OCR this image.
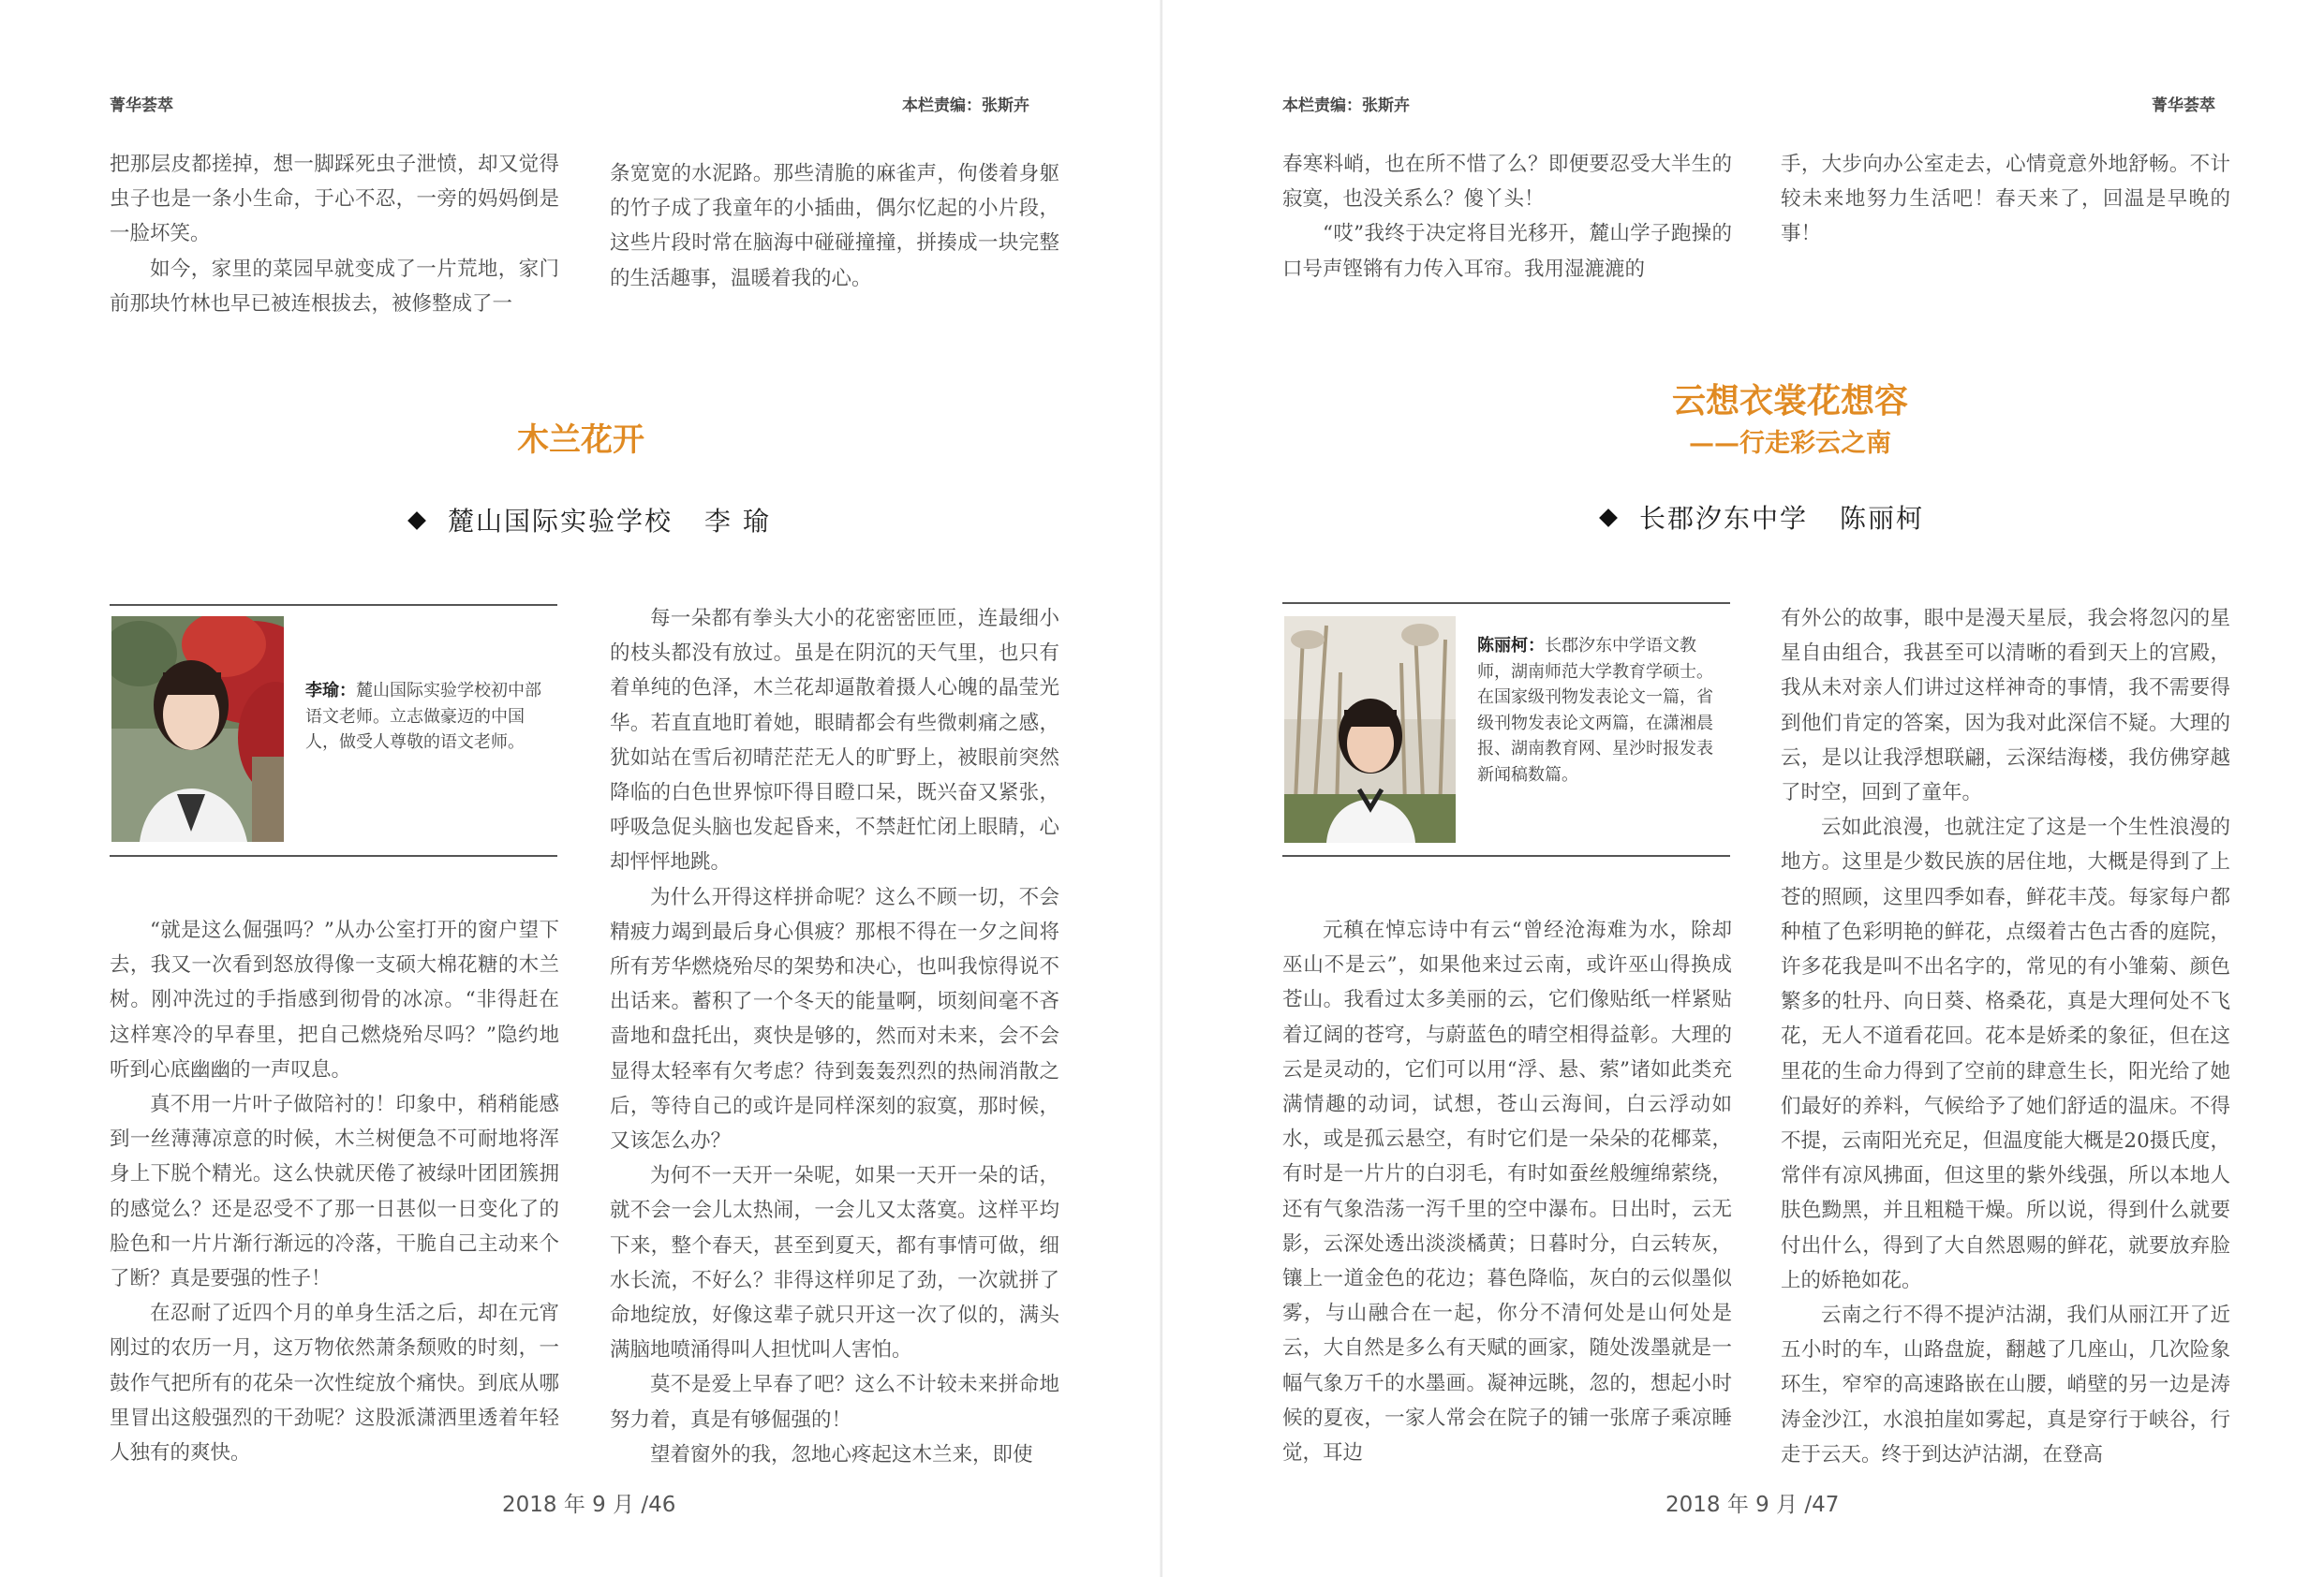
菁华荟萃	本栏责编：张斯卉

把那层皮都搓掉，想一脚踩死虫子泄愤，却又觉得虫子也是一条小生命，于心不忍，一旁的妈妈倒是一脸坏笑。

如今，家里的菜园早就变成了一片荒地，家门前那块竹林也早已被连根拔去，被修整成了一

条宽宽的水泥路。那些清脆的麻雀声，佝偻着身躯的竹子成了我童年的小插曲，偶尔忆起的小片段，这些片段时常在脑海中碰碰撞撞，拼揍成一块完整的生活趣事，温暖着我的心。

木兰花开
麓山国际实验学校 李 瑜
李瑜：麓山国际实验学校初中部语文老师。立志做豪迈的中国人，做受人尊敬的语文老师。

“就是这么倔强吗？”从办公室打开的窗户望下去，我又一次看到怒放得像一支硕大棉花糖的木兰树。刚冲洗过的手指感到彻骨的冰凉。“非得赶在这样寒冷的早春里，把自己燃烧殆尽吗？”隐约地听到心底幽幽的一声叹息。

真不用一片叶子做陪衬的！印象中，稍稍能感到一丝薄薄凉意的时候，木兰树便急不可耐地将浑身上下脱个精光。这么快就厌倦了被绿叶团团簇拥的感觉么？还是忍受不了那一日甚似一日变化了的脸色和一片片渐行渐远的冷落，干脆自己主动来个了断？真是要强的性子！

在忍耐了近四个月的单身生活之后，却在元宵刚过的农历一月，这万物依然萧条颓败的时刻，一鼓作气把所有的花朵一次性绽放个痛快。到底从哪里冒出这般强烈的干劲呢？这股派潇洒里透着年轻人独有的爽快。

每一朵都有拳头大小的花密密匝匝，连最细小的枝头都没有放过。虽是在阴沉的天气里，也只有着单纯的色泽，木兰花却逼散着摄人心魄的晶莹光华。若直直地盯着她，眼睛都会有些微刺痛之感，犹如站在雪后初晴茫茫无人的旷野上，被眼前突然降临的白色世界惊吓得目瞪口呆，既兴奋又紧张，呼吸急促头脑也发起昏来，不禁赶忙闭上眼睛，心却怦怦地跳。

为什么开得这样拼命呢？这么不顾一切，不会精疲力竭到最后身心俱疲？那根不得在一夕之间将所有芳华燃烧殆尽的架势和决心，也叫我惊得说不出话来。蓄积了一个冬天的能量啊，顷刻间毫不吝啬地和盘托出，爽快是够的，然而对未来，会不会显得太轻率有欠考虑？待到轰轰烈烈的热闹消散之后，等待自己的或许是同样深刻的寂寞，那时候，又该怎么办？

为何不一天开一朵呢，如果一天开一朵的话，就不会一会儿太热闹，一会儿又太落寞。这样平均下来，整个春天，甚至到夏天，都有事情可做，细水长流，不好么？非得这样卯足了劲，一次就拼了命地绽放，好像这辈子就只开这一次了似的，满头满脑地喷涌得叫人担忧叫人害怕。

莫不是爱上早春了吧？这么不计较未来拼命地努力着，真是有够倔强的！

望着窗外的我，忽地心疼起这木兰来，即使

2018 年 9 月 /46
本栏责编：张斯卉	菁华荟萃

春寒料峭，也在所不惜了么？即便要忍受大半生的寂寞，也没关系么？傻丫头！

“哎”我终于决定将目光移开，麓山学子跑操的口号声铿锵有力传入耳帘。我用湿漉漉的

手，大步向办公室走去，心情竟意外地舒畅。不计较未来地努力生活吧！春天来了，回温是早晚的事！

云想衣裳花想容
——行走彩云之南
长郡汐东中学 陈丽柯
陈丽柯：长郡汐东中学语文教师，湖南师范大学教育学硕士。在国家级刊物发表论文一篇，省级刊物发表论文两篇，在潇湘晨报、湖南教育网、星沙时报发表新闻稿数篇。

元稹在悼忘诗中有云“曾经沧海难为水，除却巫山不是云”，如果他来过云南，或许巫山得换成苍山。我看过太多美丽的云，它们像贴纸一样紧贴着辽阔的苍穹，与蔚蓝色的晴空相得益彰。大理的云是灵动的，它们可以用“浮、悬、萦”诸如此类充满情趣的动词，试想，苍山云海间，白云浮动如水，或是孤云悬空，有时它们是一朵朵的花椰菜，有时是一片片的白羽毛，有时如蚕丝般缠绵萦绕，还有气象浩荡一泻千里的空中瀑布。日出时，云无影，云深处透出淡淡橘黄；日暮时分，白云转灰，镶上一道金色的花边；暮色降临，灰白的云似墨似雾，与山融合在一起，你分不清何处是山何处是云，大自然是多么有天赋的画家，随处泼墨就是一幅气象万千的水墨画。凝神远眺，忽的，想起小时候的夏夜，一家人常会在院子的铺一张席子乘凉睡觉，耳边

有外公的故事，眼中是漫天星辰，我会将忽闪的星星自由组合，我甚至可以清晰的看到天上的宫殿，我从未对亲人们讲过这样神奇的事情，我不需要得到他们肯定的答案，因为我对此深信不疑。大理的云，是以让我浮想联翩，云深结海楼，我仿佛穿越了时空，回到了童年。

云如此浪漫，也就注定了这是一个生性浪漫的地方。这里是少数民族的居住地，大概是得到了上苍的照顾，这里四季如春，鲜花丰茂。每家每户都种植了色彩明艳的鲜花，点缀着古色古香的庭院，许多花我是叫不出名字的，常见的有小雏菊、颜色繁多的牡丹、向日葵、格桑花，真是大理何处不飞花，无人不道看花回。花本是娇柔的象征，但在这里花的生命力得到了空前的肆意生长，阳光给了她们最好的养料，气候给予了她们舒适的温床。不得不提，云南阳光充足，但温度能大概是20摄氏度，常伴有凉风拂面，但这里的紫外线强，所以本地人肤色黝黑，并且粗糙干燥。所以说，得到什么就要付出什么，得到了大自然恩赐的鲜花，就要放弃脸上的娇艳如花。

云南之行不得不提泸沽湖，我们从丽江开了近五小时的车，山路盘旋，翻越了几座山，几次险象环生，窄窄的高速路嵌在山腰，峭壁的另一边是涛涛金沙江，水浪拍崖如雾起，真是穿行于峡谷，行走于云天。终于到达泸沽湖，在登高

2018 年 9 月 /47
